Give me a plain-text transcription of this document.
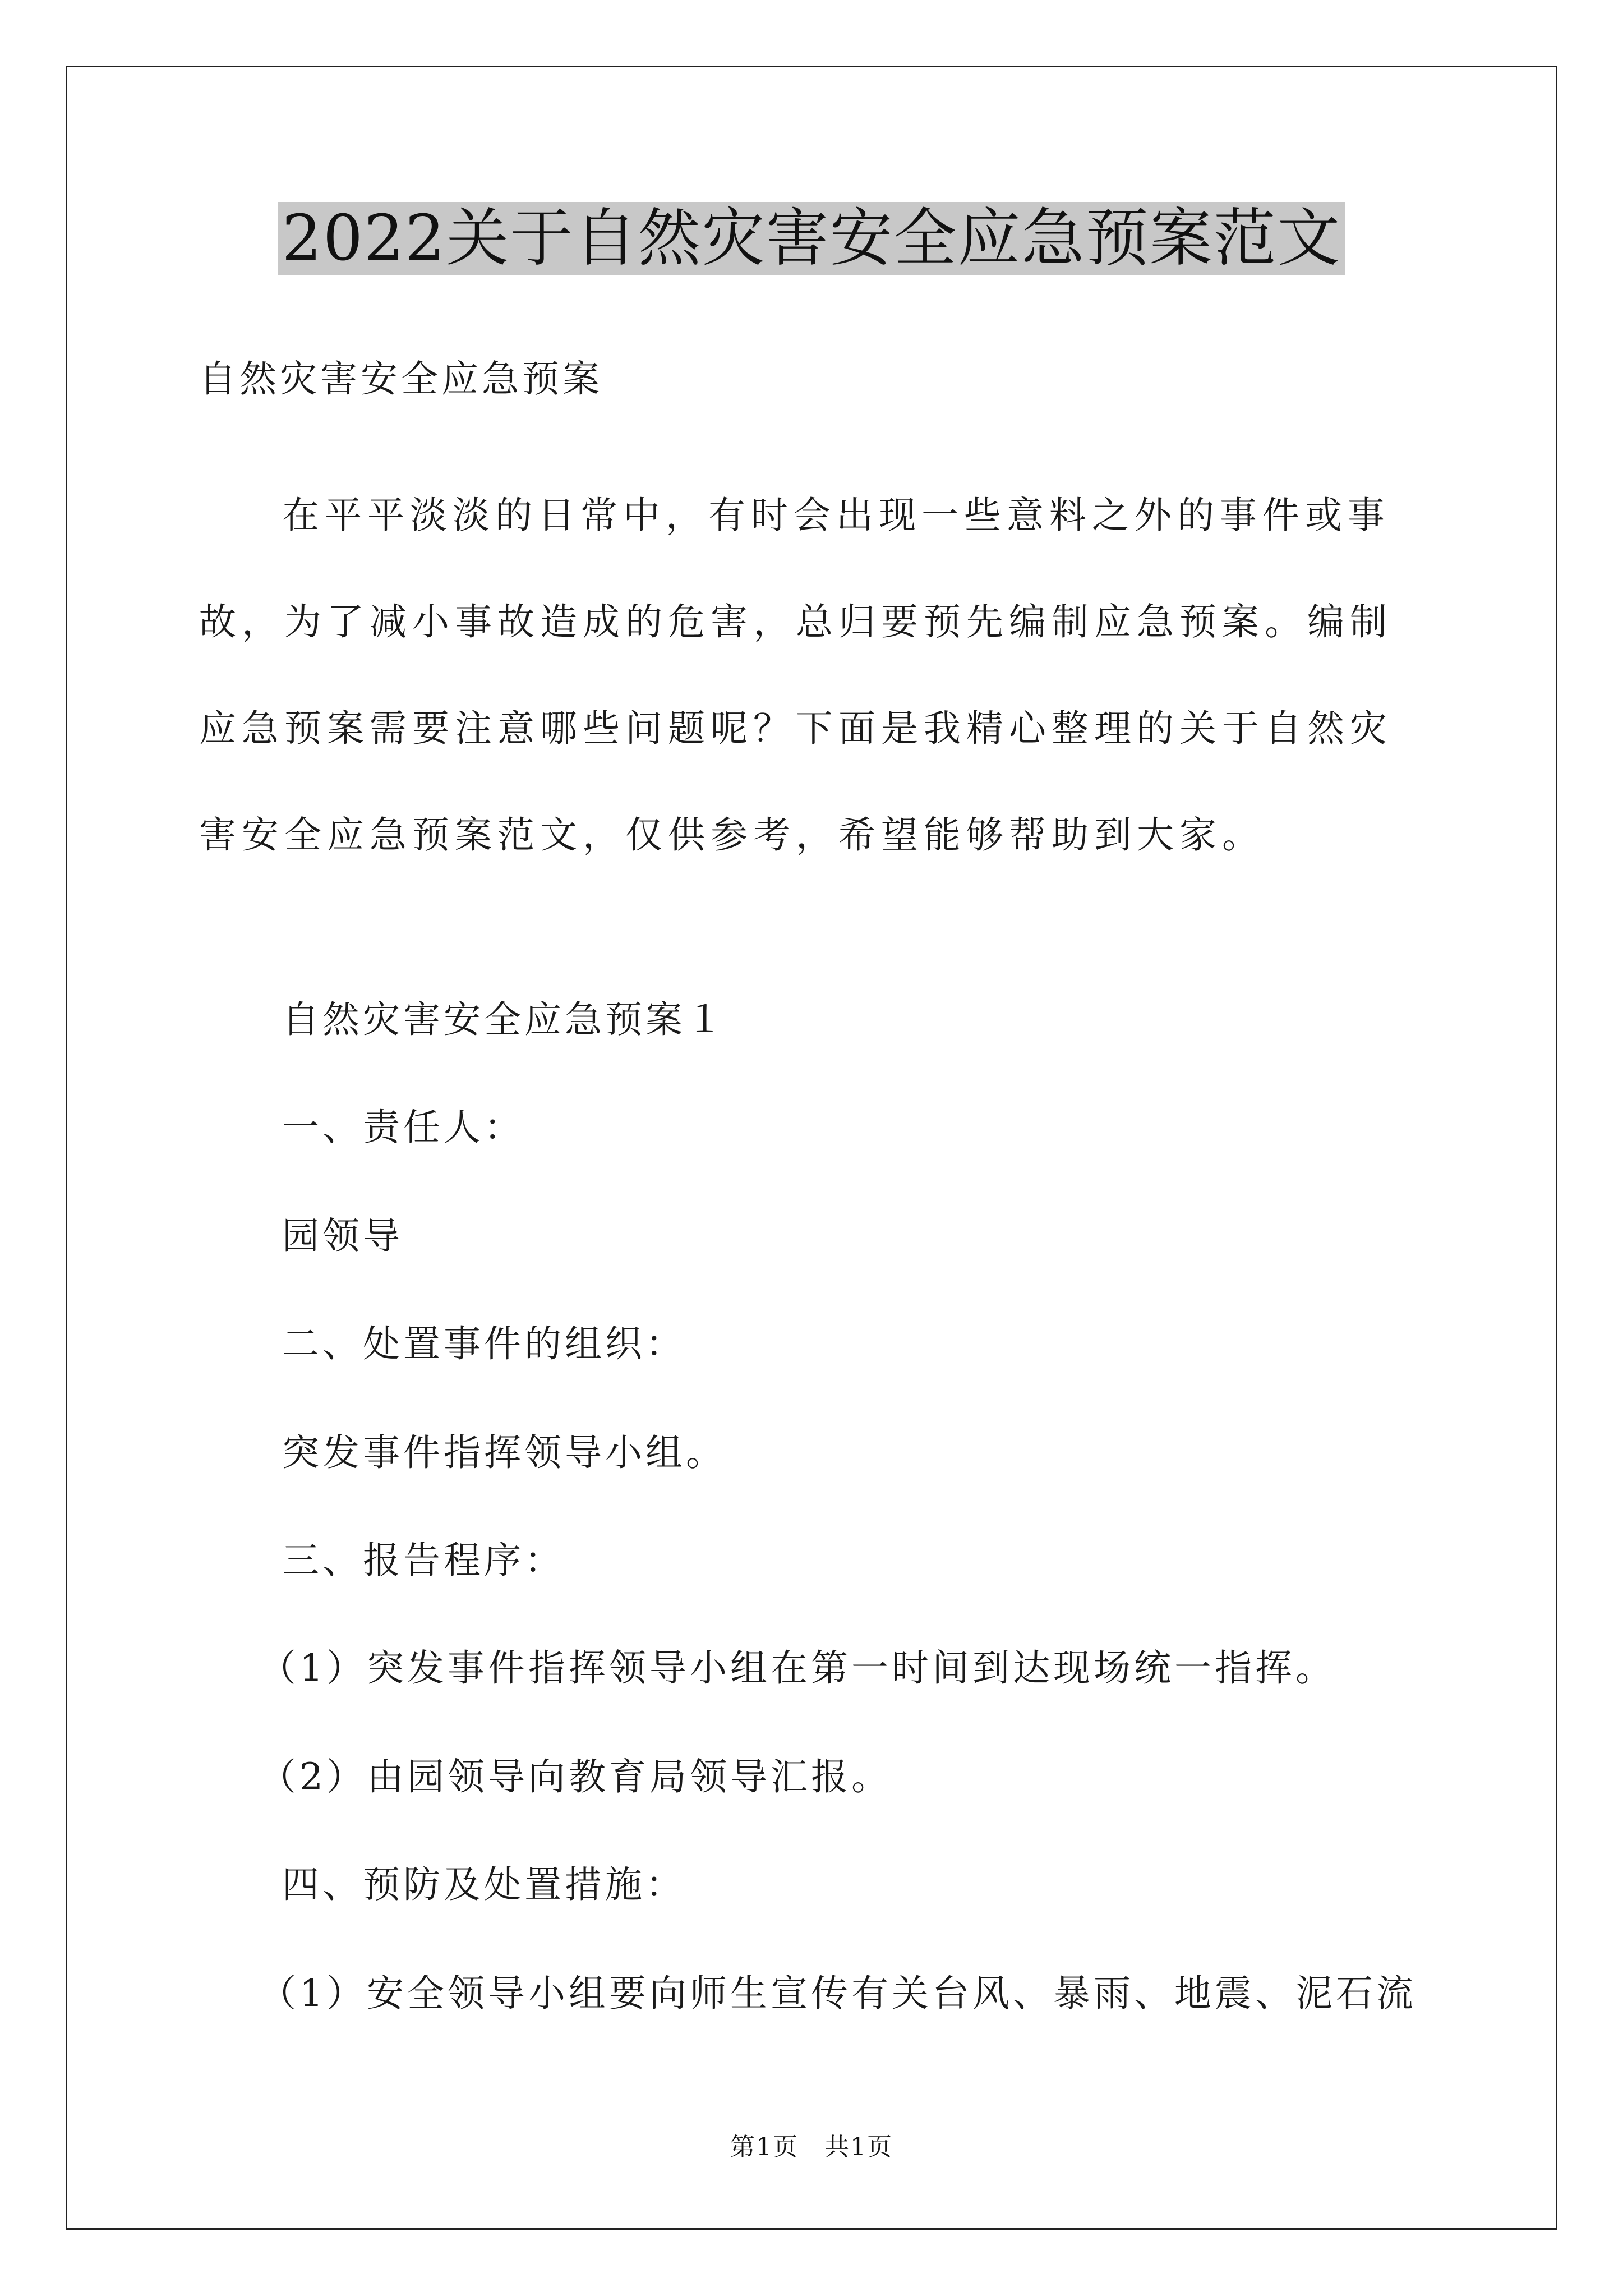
2022关于自然灾害安全应急预案范文
自然灾害安全应急预案
在平平淡淡的日常中，有时会出现一些意料之外的事件或事故，为了减小事故造成的危害，总归要预先编制应急预案。编制应急预案需要注意哪些问题呢？下面是我精心整理的关于自然灾害安全应急预案范文，仅供参考，希望能够帮助到大家。
自然灾害安全应急预案１
一、责任人：
园领导
二、处置事件的组织：
突发事件指挥领导小组。
三、报告程序：
（1）突发事件指挥领导小组在第一时间到达现场统一指挥。
（2）由园领导向教育局领导汇报。
四、预防及处置措施：
（1）安全领导小组要向师生宣传有关台风、暴雨、地震、泥石流
第1页　共1页
